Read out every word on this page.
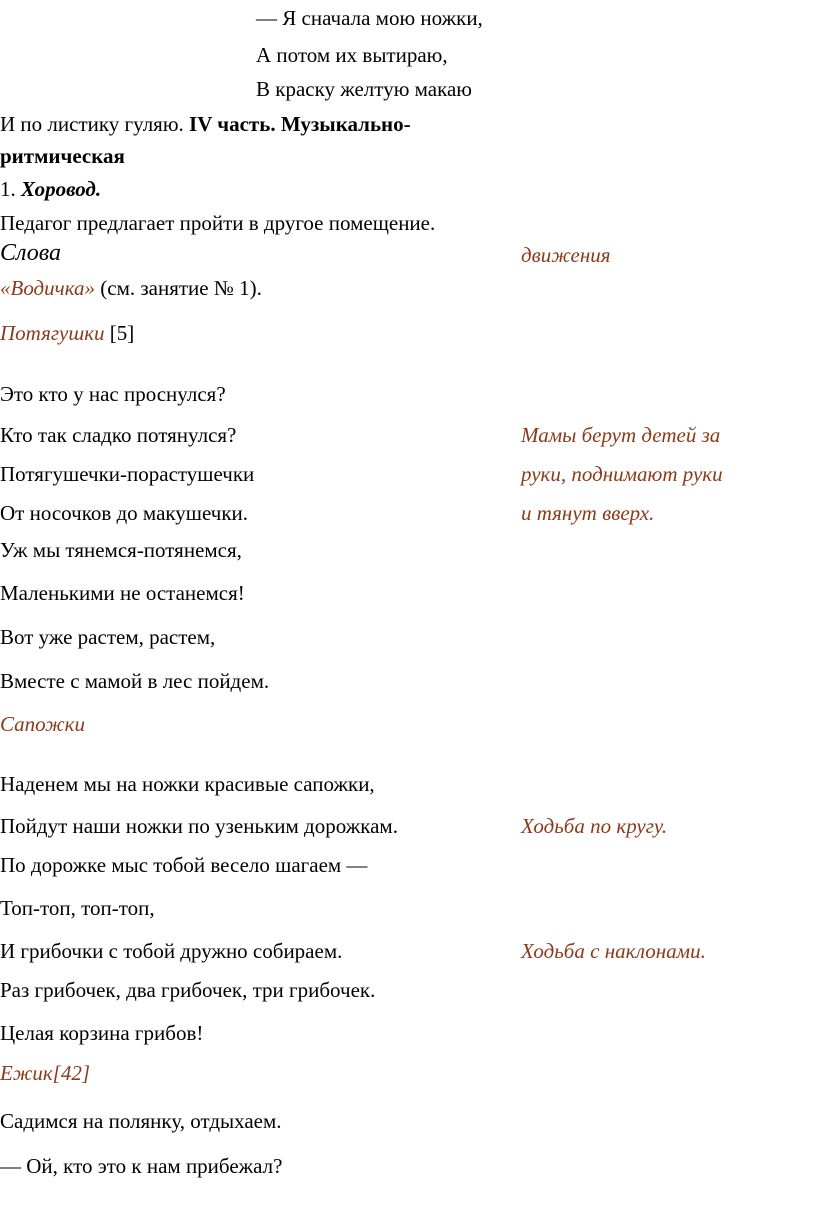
— Я сначала мою ножки,
А потом их вытираю,
В краску желтую макаю
И по листику гуляю. IV часть. Музыкально-
ритмическая
1. Хоровод.
Педагог предлагает пройти в другое помещение.
Слова	движения
«Водичка» (см. занятие № 1).
Потягушки [5]
Это кто у нас проснулся?
Кто так сладко потянулся?
Потягушечки-порастушечки
От носочков до макушечки.
Уж мы тянемся-потянемся,
Маленькими не останемся!
Вот уже растем, растем,
Вместе с мамой в лес пойдем.
Мамы берут детей за
руки, поднимают руки
и тянут вверх.
Сапожки
Наденем мы на ножки красивые сапожки,
Пойдут наши ножки по узеньким дорожкам.
По дорожке мыс тобой весело шагаем —
Топ-топ, топ-топ,
И грибочки с тобой дружно собираем.
Раз грибочек, два грибочек, три грибочек.
Целая корзина грибов!
Ходьба по кругу.
Ходьба с наклонами.
Ежик[42]
Садимся на полянку, отдыхаем.
— Ой, кто это к нам прибежал?
